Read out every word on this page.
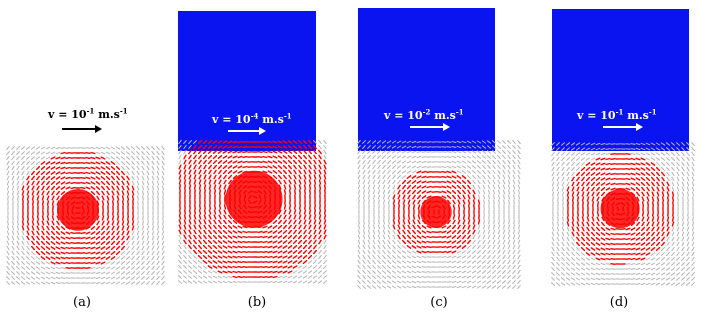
$v = 10^{-1}$ $m.s^{-1}$
(a)
$v = 10^{-4}$ $m.s^{-1}$
(b)
$v = 10^{-2}$ $m.s^{-1}$
(c)
$v = 10^{-1}$ $m.s^{-1}$
(d)
